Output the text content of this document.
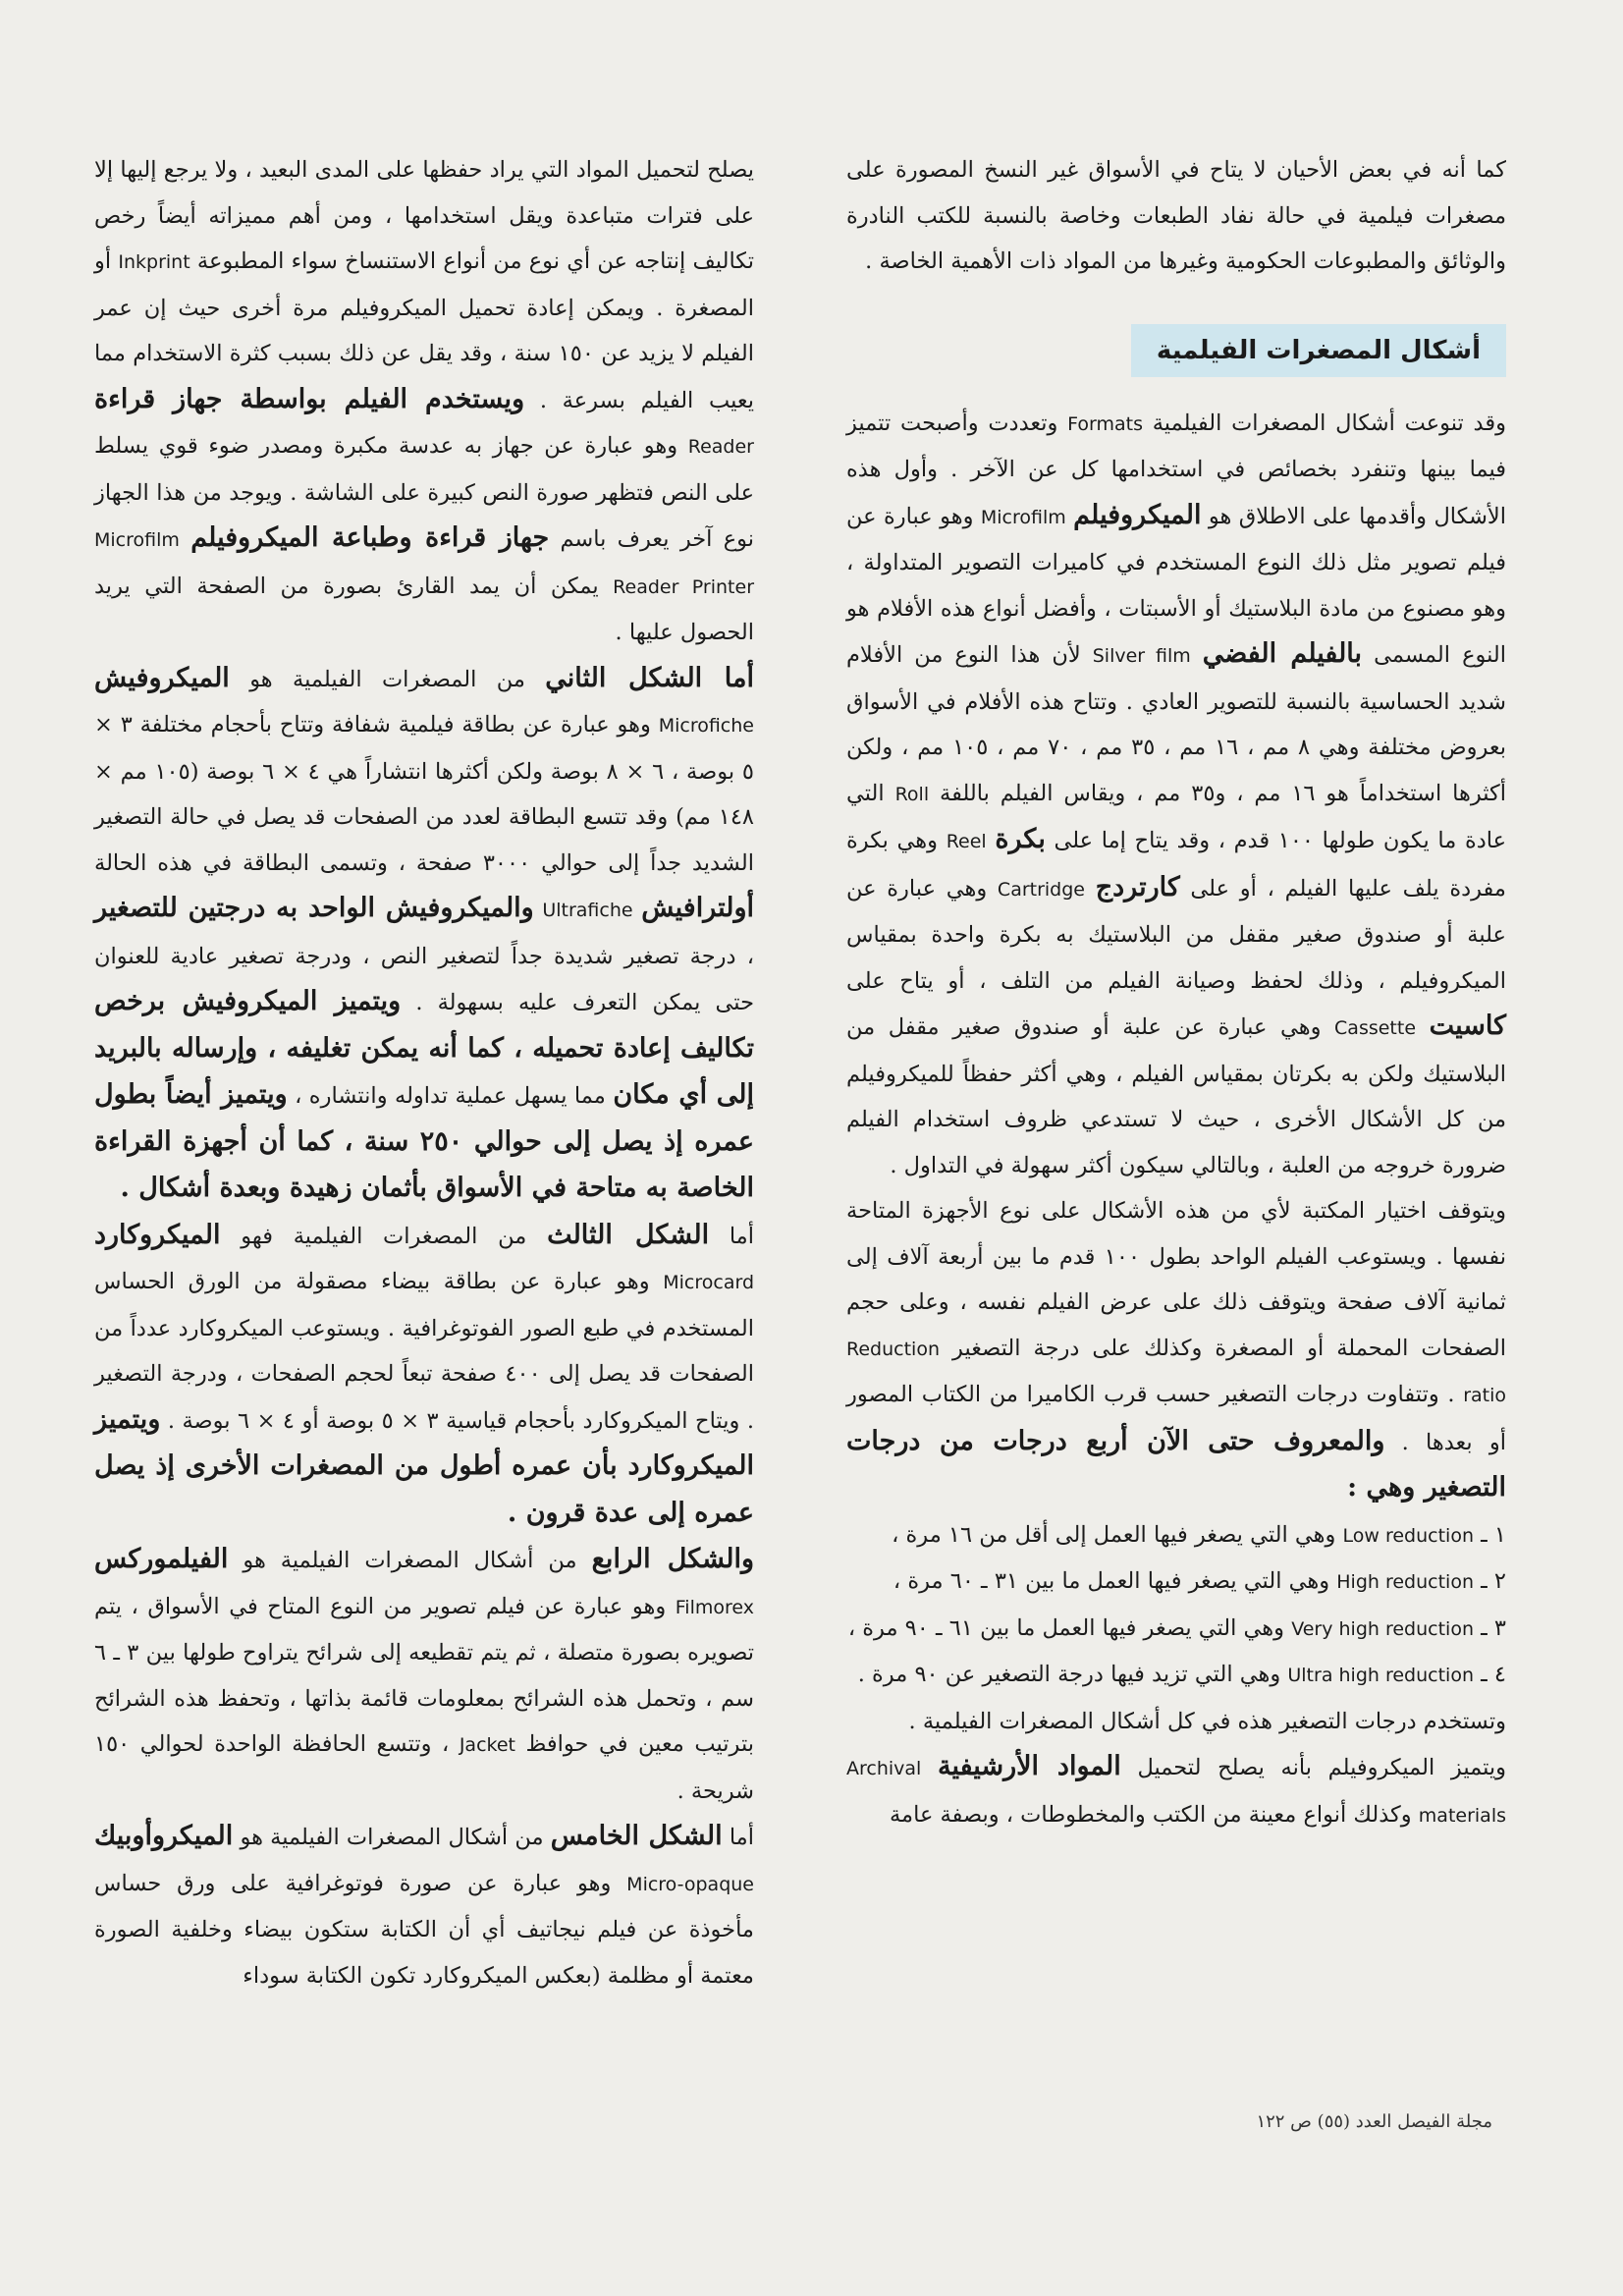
كما أنه في بعض الأحيان لا يتاح في الأسواق غير النسخ المصورة على مصغرات فيلمية في حالة نفاد الطبعات وخاصة بالنسبة للكتب النادرة والوثائق والمطبوعات الحكومية وغيرها من المواد ذات الأهمية الخاصة .

أشكال المصغرات الفيلمية

وقد تنوعت أشكال المصغرات الفيلمية Formats وتعددت وأصبحت تتميز فيما بينها وتنفرد بخصائص في استخدامها كل عن الآخر . وأول هذه الأشكال وأقدمها على الاطلاق هو الميكروفيلم Microfilm وهو عبارة عن فيلم تصوير مثل ذلك النوع المستخدم في كاميرات التصوير المتداولة ، وهو مصنوع من مادة البلاستيك أو الأسبتات ، وأفضل أنواع هذه الأفلام هو النوع المسمى بالفيلم الفضي Silver film لأن هذا النوع من الأفلام شديد الحساسية بالنسبة للتصوير العادي . وتتاح هذه الأفلام في الأسواق بعروض مختلفة وهي ٨ مم ، ١٦ مم ، ٣٥ مم ، ٧٠ مم ، ١٠٥ مم ، ولكن أكثرها استخداماً هو ١٦ مم ، و٣٥ مم ، ويقاس الفيلم باللفة Roll التي عادة ما يكون طولها ١٠٠ قدم ، وقد يتاح إما على بكرة Reel وهي بكرة مفردة يلف عليها الفيلم ، أو على كارتردج Cartridge وهي عبارة عن علبة أو صندوق صغير مقفل من البلاستيك به بكرة واحدة بمقياس الميكروفيلم ، وذلك لحفظ وصيانة الفيلم من التلف ، أو يتاح على كاسيت Cassette وهي عبارة عن علبة أو صندوق صغير مقفل من البلاستيك ولكن به بكرتان بمقياس الفيلم ، وهي أكثر حفظاً للميكروفيلم من كل الأشكال الأخرى ، حيث لا تستدعي ظروف استخدام الفيلم ضرورة خروجه من العلبة ، وبالتالي سيكون أكثر سهولة في التداول .

ويتوقف اختيار المكتبة لأي من هذه الأشكال على نوع الأجهزة المتاحة نفسها . ويستوعب الفيلم الواحد بطول ١٠٠ قدم ما بين أربعة آلاف إلى ثمانية آلاف صفحة ويتوقف ذلك على عرض الفيلم نفسه ، وعلى حجم الصفحات المحملة أو المصغرة وكذلك على درجة التصغير Reduction ratio . وتتفاوت درجات التصغير حسب قرب الكاميرا من الكتاب المصور أو بعدها . والمعروف حتى الآن أربع درجات من درجات التصغير وهي :

١ ـ Low reduction وهي التي يصغر فيها العمل إلى أقل من ١٦ مرة ،

٢ ـ High reduction وهي التي يصغر فيها العمل ما بين ٣١ ـ ٦٠ مرة ،

٣ ـ Very high reduction وهي التي يصغر فيها العمل ما بين ٦١ ـ ٩٠ مرة ،

٤ ـ Ultra high reduction وهي التي تزيد فيها درجة التصغير عن ٩٠ مرة .

وتستخدم درجات التصغير هذه في كل أشكال المصغرات الفيلمية .

ويتميز الميكروفيلم بأنه يصلح لتحميل المواد الأرشيفية Archival materials وكذلك أنواع معينة من الكتب والمخطوطات ، وبصفة عامة

يصلح لتحميل المواد التي يراد حفظها على المدى البعيد ، ولا يرجع إليها إلا على فترات متباعدة ويقل استخدامها ، ومن أهم مميزاته أيضاً رخص تكاليف إنتاجه عن أي نوع من أنواع الاستنساخ سواء المطبوعة Inkprint أو المصغرة . ويمكن إعادة تحميل الميكروفيلم مرة أخرى حيث إن عمر الفيلم لا يزيد عن ١٥٠ سنة ، وقد يقل عن ذلك بسبب كثرة الاستخدام مما يعيب الفيلم بسرعة . ويستخدم الفيلم بواسطة جهاز قراءة Reader وهو عبارة عن جهاز به عدسة مكبرة ومصدر ضوء قوي يسلط على النص فتظهر صورة النص كبيرة على الشاشة . ويوجد من هذا الجهاز نوع آخر يعرف باسم جهاز قراءة وطباعة الميكروفيلم Microfilm Reader Printer يمكن أن يمد القارئ بصورة من الصفحة التي يريد الحصول عليها .

أما الشكل الثاني من المصغرات الفيلمية هو الميكروفيش Microfiche وهو عبارة عن بطاقة فيلمية شفافة وتتاح بأحجام مختلفة ٣ × ٥ بوصة ، ٦ × ٨ بوصة ولكن أكثرها انتشاراً هي ٤ × ٦ بوصة (١٠٥ مم × ١٤٨ مم) وقد تتسع البطاقة لعدد من الصفحات قد يصل في حالة التصغير الشديد جداً إلى حوالي ٣٠٠٠ صفحة ، وتسمى البطاقة في هذه الحالة أولترافيش Ultrafiche والميكروفيش الواحد به درجتين للتصغير ، درجة تصغير شديدة جداً لتصغير النص ، ودرجة تصغير عادية للعنوان حتى يمكن التعرف عليه بسهولة . ويتميز الميكروفيش برخص تكاليف إعادة تحميله ، كما أنه يمكن تغليفه ، وإرساله بالبريد إلى أي مكان مما يسهل عملية تداوله وانتشاره ، ويتميز أيضاً بطول عمره إذ يصل إلى حوالي ٢٥٠ سنة ، كما أن أجهزة القراءة الخاصة به متاحة في الأسواق بأثمان زهيدة وبعدة أشكال .

أما الشكل الثالث من المصغرات الفيلمية فهو الميكروكارد Microcard وهو عبارة عن بطاقة بيضاء مصقولة من الورق الحساس المستخدم في طبع الصور الفوتوغرافية . ويستوعب الميكروكارد عدداً من الصفحات قد يصل إلى ٤٠٠ صفحة تبعاً لحجم الصفحات ، ودرجة التصغير . ويتاح الميكروكارد بأحجام قياسية ٣ × ٥ بوصة أو ٤ × ٦ بوصة . ويتميز الميكروكارد بأن عمره أطول من المصغرات الأخرى إذ يصل عمره إلى عدة قرون .

والشكل الرابع من أشكال المصغرات الفيلمية هو الفيلموركس Filmorex وهو عبارة عن فيلم تصوير من النوع المتاح في الأسواق ، يتم تصويره بصورة متصلة ، ثم يتم تقطيعه إلى شرائح يتراوح طولها بين ٣ ـ ٦ سم ، وتحمل هذه الشرائح بمعلومات قائمة بذاتها ، وتحفظ هذه الشرائح بترتيب معين في حوافظ Jacket ، وتتسع الحافظة الواحدة لحوالي ١٥٠ شريحة .

أما الشكل الخامس من أشكال المصغرات الفيلمية هو الميكروأوبيك Micro-opaque وهو عبارة عن صورة فوتوغرافية على ورق حساس مأخوذة عن فيلم نيجاتيف أي أن الكتابة ستكون بيضاء وخلفية الصورة معتمة أو مظلمة (بعكس الميكروكارد تكون الكتابة سوداء

مجلة الفيصل العدد (٥٥) ص ١٢٢
